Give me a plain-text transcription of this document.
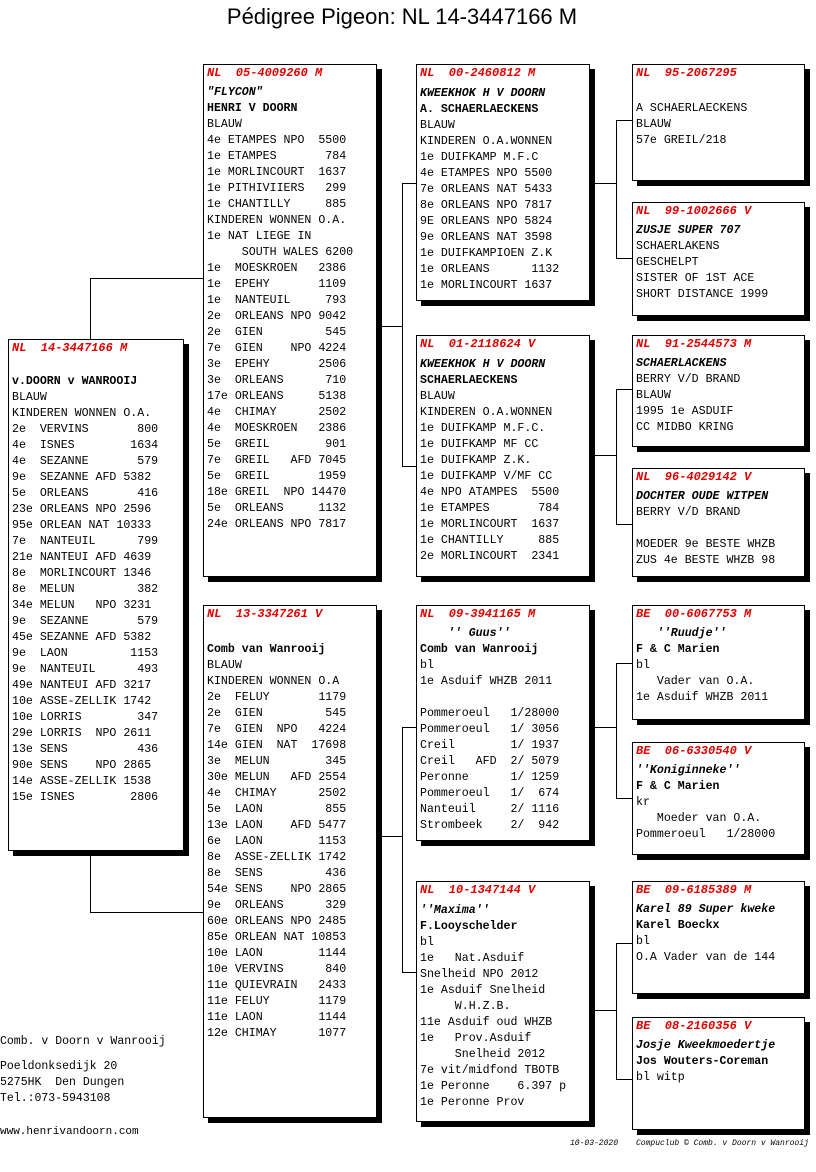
Pédigree Pigeon: NL 14-3447166 M
NL  14-3447166 M
v.DOORN v WANROOIJ
BLAUW
KINDEREN WONNEN O.A.
2e  VERVINS       800
4e  ISNES        1634
4e  SEZANNE       579
9e  SEZANNE AFD 5382
5e  ORLEANS       416
23e ORLEANS NPO 2596
95e ORLEAN NAT 10333
7e  NANTEUIL      799
21e NANTEUI AFD 4639
8e  MORLINCOURT 1346
8e  MELUN         382
34e MELUN   NPO 3231
9e  SEZANNE       579
45e SEZANNE AFD 5382
9e  LAON         1153
9e  NANTEUIL      493
49e NANTEUI AFD 3217
10e ASSE-ZELLIK 1742
10e LORRIS        347
29e LORRIS  NPO 2611
13e SENS          436
90e SENS    NPO 2865
14e ASSE-ZELLIK 1538
15e ISNES        2806
NL  05-4009260 M
"FLYCON"
HENRI V DOORN
BLAUW
4e ETAMPES NPO  5500
1e ETAMPES       784
1e MORLINCOURT  1637
1e PITHIVIIERS   299
1e CHANTILLY     885
KINDEREN WONNEN O.A.
1e NAT LIEGE IN
SOUTH WALES 6200
1e  MOESKROEN   2386
1e  EPEHY       1109
1e  NANTEUIL     793
2e  ORLEANS NPO 9042
2e  GIEN         545
7e  GIEN    NPO 4224
3e  EPEHY       2506
3e  ORLEANS      710
17e ORLEANS     5138
4e  CHIMAY      2502
4e  MOESKROEN   2386
5e  GREIL        901
7e  GREIL   AFD 7045
5e  GREIL       1959
18e GREIL  NPO 14470
5e  ORLEANS     1132
24e ORLEANS NPO 7817
NL  13-3347261 V
Comb van Wanrooij
BLAUW
KINDEREN WONNEN O.A
2e  FELUY       1179
2e  GIEN         545
7e  GIEN  NPO   4224
14e GIEN  NAT  17698
3e  MELUN        345
30e MELUN   AFD 2554
4e  CHIMAY      2502
5e  LAON         855
13e LAON    AFD 5477
6e  LAON        1153
8e  ASSE-ZELLIK 1742
8e  SENS         436
54e SENS    NPO 2865
9e  ORLEANS      329
60e ORLEANS NPO 2485
85e ORLEAN NAT 10853
10e LAON        1144
10e VERVINS      840
11e QUIEVRAIN   2433
11e FELUY       1179
11e LAON        1144
12e CHIMAY      1077
NL  00-2460812 M
KWEEKHOK H V DOORN
A. SCHAERLAECKENS
BLAUW
KINDEREN O.A.WONNEN
1e DUIFKAMP M.F.C
4e ETAMPES NPO 5500
7e ORLEANS NAT 5433
8e ORLEANS NPO 7817
9E ORLEANS NPO 5824
9e ORLEANS NAT 3598
1e DUIFKAMPIOEN Z.K
1e ORLEANS      1132
1e MORLINCOURT 1637
NL  01-2118624 V
KWEEKHOK H V DOORN
SCHAERLAECKENS
BLAUW
KINDEREN O.A.WONNEN
1e DUIFKAMP M.F.C.
1e DUIFKAMP MF CC
1e DUIFKAMP Z.K.
1e DUIFKAMP V/MF CC
4e NPO ATAMPES  5500
1e ETAMPES       784
1e MORLINCOURT  1637
1e CHANTILLY     885
2e MORLINCOURT  2341
NL  09-3941165 M
'' Guus''
Comb van Wanrooij
bl
1e Asduif WHZB 2011
Pommeroeul   1/28000
Pommeroeul   1/ 3056
Creil        1/ 1937
Creil   AFD  2/ 5079
Peronne      1/ 1259
Pommeroeul   1/  674
Nanteuil     2/ 1116
Strombeek    2/  942
NL  10-1347144 V
''Maxima''
F.Looyschelder
bl
1e   Nat.Asduif
Snelheid NPO 2012
1e Asduif Snelheid
W.H.Z.B.
11e Asduif oud WHZB
1e   Prov.Asduif
Snelheid 2012
7e vit/midfond TBOTB
1e Peronne    6.397 p
1e Peronne Prov
NL  95-2067295
A SCHAERLAECKENS
BLAUW
57e GREIL/218
NL  99-1002666 V
ZUSJE SUPER 707
SCHAERLAKENS
GESCHELPT
SISTER OF 1ST ACE
SHORT DISTANCE 1999
NL  91-2544573 M
SCHAERLACKENS
BERRY V/D BRAND
BLAUW
1995 1e ASDUIF
CC MIDBO KRING
NL  96-4029142 V
DOCHTER OUDE WITPEN
BERRY V/D BRAND
MOEDER 9e BESTE WHZB
ZUS 4e BESTE WHZB 98
BE  00-6067753 M
''Ruudje''
F & C Marien
bl
Vader van O.A.
1e Asduif WHZB 2011
BE  06-6330540 V
''Koniginneke''
F & C Marien
kr
Moeder van O.A.
Pommeroeul   1/28000
BE  09-6185389 M
Karel 89 Super kweke
Karel Boeckx
bl
O.A Vader van de 144
BE  08-2160356 V
Josje Kweekmoedertje
Jos Wouters-Coreman
bl witp
Comb. v Doorn v Wanrooij
Poeldonksedijk 20
5275HK  Den Dungen
Tel.:073-5943108
www.henrivandoorn.com
10-03-2020 Compuclub © Comb. v Doorn v Wanrooij
